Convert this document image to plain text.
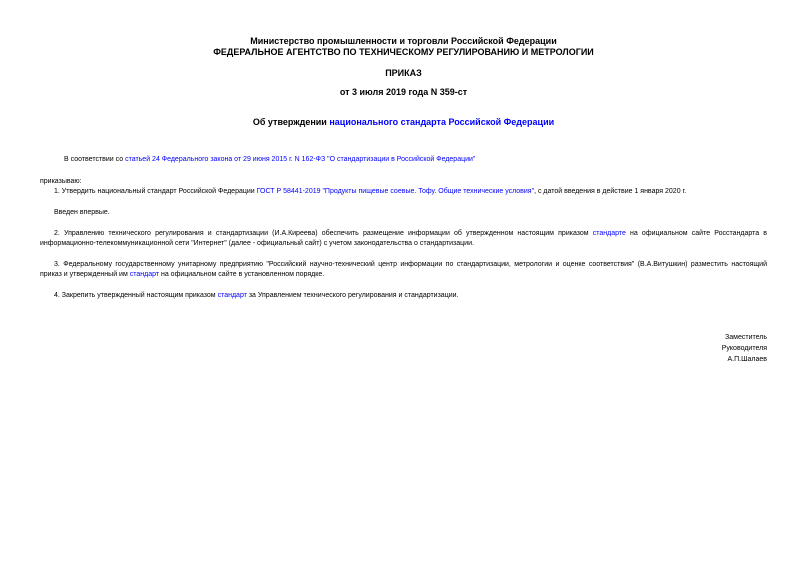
Министерство промышленности и торговли Российской Федерации
ФЕДЕРАЛЬНОЕ АГЕНТСТВО ПО ТЕХНИЧЕСКОМУ РЕГУЛИРОВАНИЮ И МЕТРОЛОГИИ
ПРИКАЗ
от 3 июля 2019 года N 359-ст
Об утверждении национального стандарта Российской Федерации
В соответствии со статьей 24 Федерального закона от 29 июня 2015 г. N 162-ФЗ "О стандартизации в Российской Федерации"
приказываю:
1. Утвердить национальный стандарт Российской Федерации ГОСТ Р 58441-2019 "Продукты пищевые соевые. Тофу. Общие технические условия", с датой введения в действие 1 января 2020 г.
Введен впервые.
2. Управлению технического регулирования и стандартизации (И.А.Киреева) обеспечить размещение информации об утвержденном настоящим приказом стандарте на официальном сайте Росстандарта в
информационно-телекоммуникационной сети "Интернет" (далее - официальный сайт) с учетом законодательства о стандартизации.
3. Федеральному государственному унитарному предприятию "Российский научно-технический центр информации по стандартизации, метрологии и оценке соответствия" (В.А.Витушкин) разместить настоящий
приказ и утвержденный им стандарт на официальном сайте в установленном порядке.
4. Закрепить утвержденный настоящим приказом стандарт за Управлением технического регулирования и стандартизации.
Заместитель
Руководителя
А.П.Шалаев
